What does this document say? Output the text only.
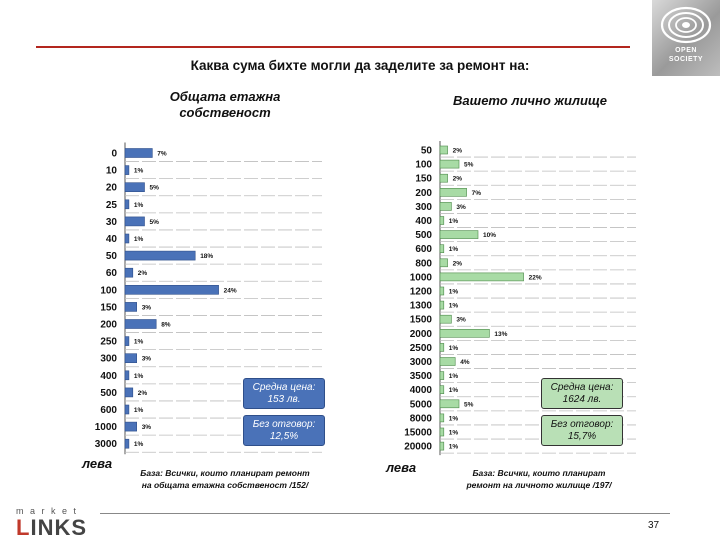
OPEN
SOCIETY
Каква сума бихте могли да заделите за ремонт на:
Общата етажна собственост
Вашето лично жилище
0	7%
10	1%
20	5%
25	1%
30	5%
40	1%
50	18%
60	2%
100	24%
150	3%
200	8%
250	1%
300	3%
400	1%
500	2%
600	1%
1000	3%
3000	1%
50	2%
100	5%
150	2%
200	7%
300	3%
400	1%
500	10%
600	1%
800	2%
1000	22%
1200	1%
1300	1%
1500	3%
2000	13%
2500	1%
3000	4%
3500	1%
4000	1%
5000	5%
8000	1%
15000	1%
20000	1%
Средна цена: 153 лв.
Без отговор: 12,5%
Средна цена: 1624 лв.
Без отговор: 15,7%
лева	лева
База: Всички, които планират ремонт
на общата етажна собственост /152/
База: Всички, които планират
ремонт на личното жилище /197/
37
market
LINKS
